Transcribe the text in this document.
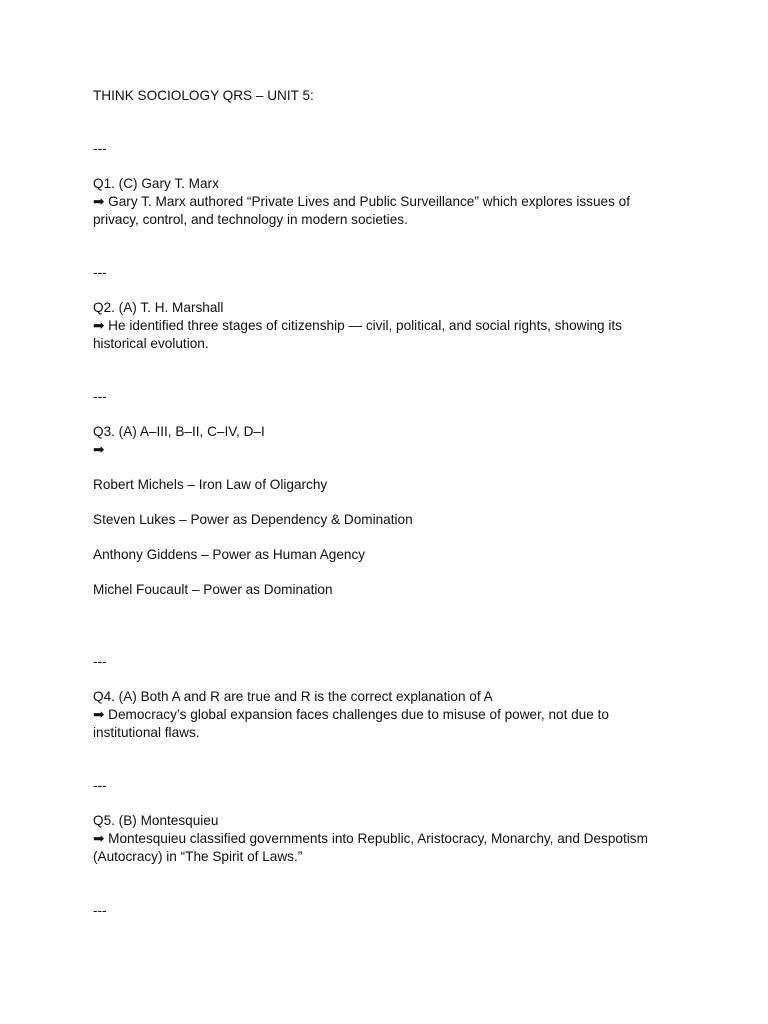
THINK SOCIOLOGY QRS – UNIT 5:
---
Q1. (C) Gary T. Marx
➡ Gary T. Marx authored “Private Lives and Public Surveillance” which explores issues of privacy, control, and technology in modern societies.
---
Q2. (A) T. H. Marshall
➡ He identified three stages of citizenship — civil, political, and social rights, showing its historical evolution.
---
Q3. (A) A–III, B–II, C–IV, D–I
➡
Robert Michels – Iron Law of Oligarchy
Steven Lukes – Power as Dependency & Domination
Anthony Giddens – Power as Human Agency
Michel Foucault – Power as Domination
---
Q4. (A) Both A and R are true and R is the correct explanation of A
➡ Democracy’s global expansion faces challenges due to misuse of power, not due to institutional flaws.
---
Q5. (B) Montesquieu
➡ Montesquieu classified governments into Republic, Aristocracy, Monarchy, and Despotism (Autocracy) in “The Spirit of Laws.”
---
